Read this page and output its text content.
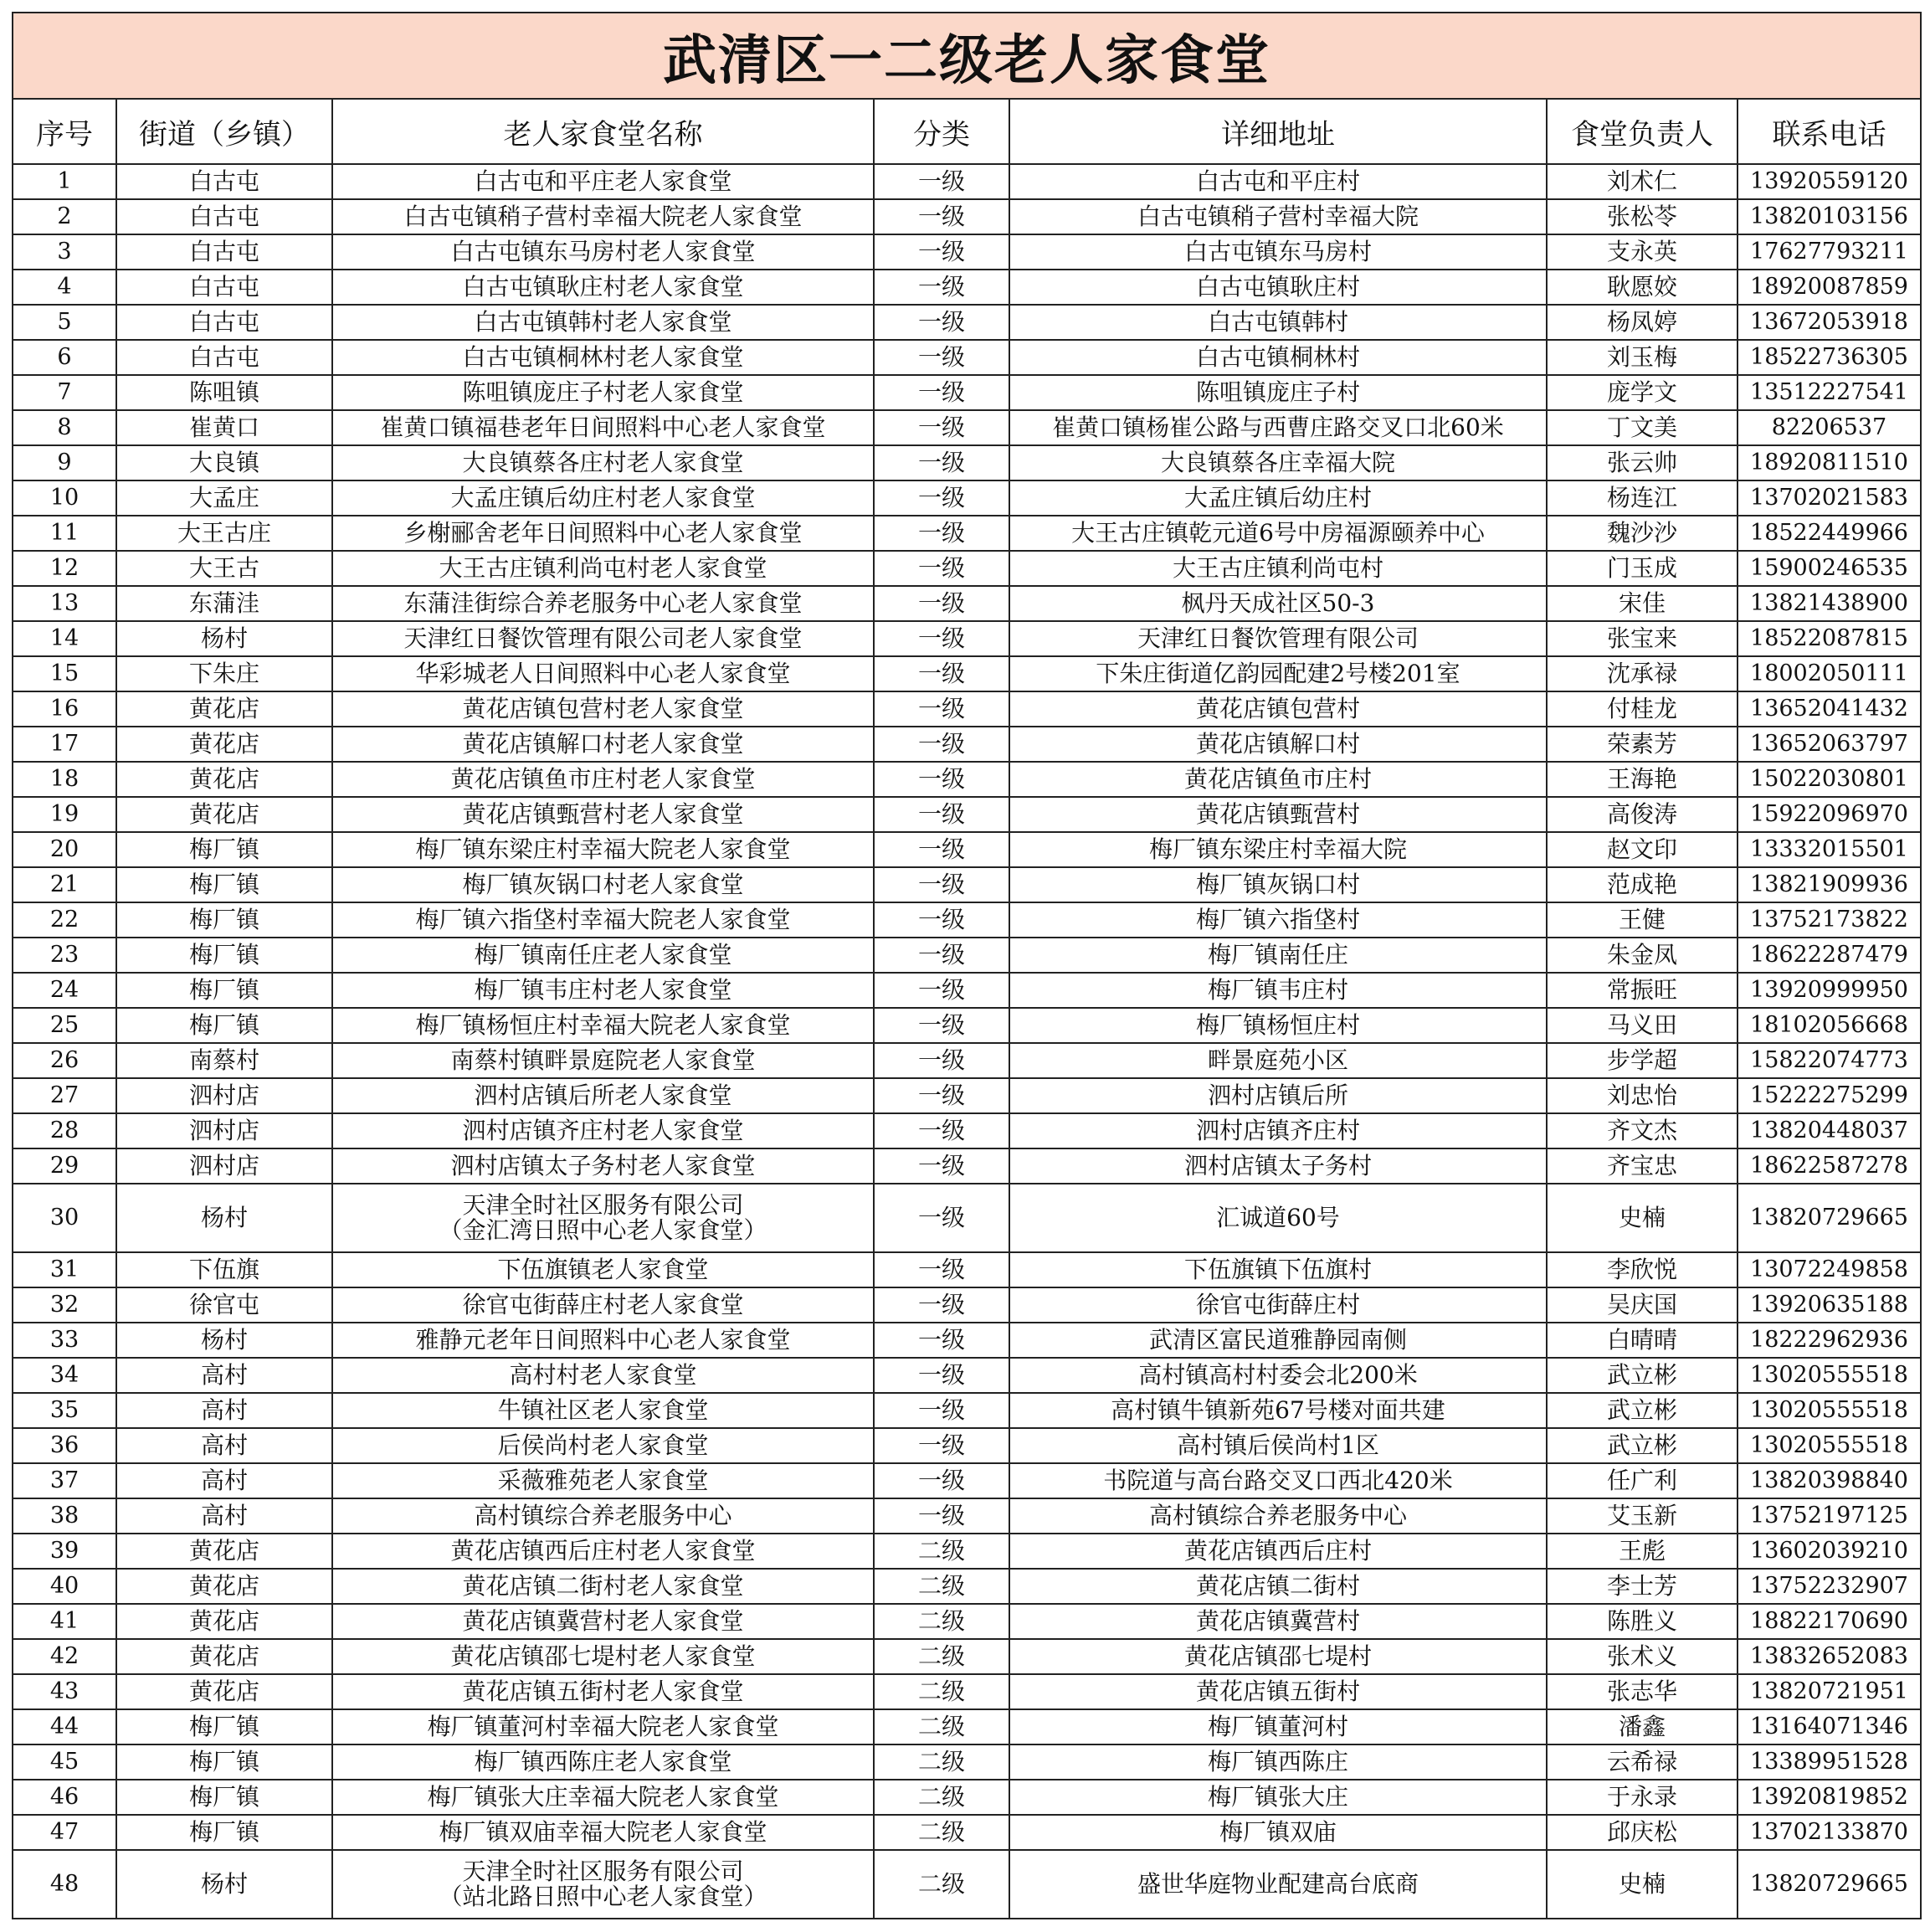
武清区一二级老人家食堂						
序号	街道（乡镇）	老人家食堂名称	分类	详细地址	食堂负责人	联系电话
1	白古屯	白古屯和平庄老人家食堂	一级	白古屯和平庄村	刘术仁	13920559120
2	白古屯	白古屯镇稍子营村幸福大院老人家食堂	一级	白古屯镇稍子营村幸福大院	张松苓	13820103156
3	白古屯	白古屯镇东马房村老人家食堂	一级	白古屯镇东马房村	支永英	17627793211
4	白古屯	白古屯镇耿庄村老人家食堂	一级	白古屯镇耿庄村	耿愿姣	18920087859
5	白古屯	白古屯镇韩村老人家食堂	一级	白古屯镇韩村	杨凤婷	13672053918
6	白古屯	白古屯镇桐林村老人家食堂	一级	白古屯镇桐林村	刘玉梅	18522736305
7	陈咀镇	陈咀镇庞庄子村老人家食堂	一级	陈咀镇庞庄子村	庞学文	13512227541
8	崔黄口	崔黄口镇福巷老年日间照料中心老人家食堂	一级	崔黄口镇杨崔公路与西曹庄路交叉口北60米	丁文美	82206537
9	大良镇	大良镇蔡各庄村老人家食堂	一级	大良镇蔡各庄幸福大院	张云帅	18920811510
10	大孟庄	大孟庄镇后幼庄村老人家食堂	一级	大孟庄镇后幼庄村	杨连江	13702021583
11	大王古庄	乡榭郦舍老年日间照料中心老人家食堂	一级	大王古庄镇乾元道6号中房福源颐养中心	魏沙沙	18522449966
12	大王古	大王古庄镇利尚屯村老人家食堂	一级	大王古庄镇利尚屯村	门玉成	15900246535
13	东蒲洼	东蒲洼街综合养老服务中心老人家食堂	一级	枫丹天成社区50-3	宋佳	13821438900
14	杨村	天津红日餐饮管理有限公司老人家食堂	一级	天津红日餐饮管理有限公司	张宝来	18522087815
15	下朱庄	华彩城老人日间照料中心老人家食堂	一级	下朱庄街道亿韵园配建2号楼201室	沈承禄	18002050111
16	黄花店	黄花店镇包营村老人家食堂	一级	黄花店镇包营村	付桂龙	13652041432
17	黄花店	黄花店镇解口村老人家食堂	一级	黄花店镇解口村	荣素芳	13652063797
18	黄花店	黄花店镇鱼市庄村老人家食堂	一级	黄花店镇鱼市庄村	王海艳	15022030801
19	黄花店	黄花店镇甄营村老人家食堂	一级	黄花店镇甄营村	高俊涛	15922096970
20	梅厂镇	梅厂镇东梁庄村幸福大院老人家食堂	一级	梅厂镇东梁庄村幸福大院	赵文印	13332015501
21	梅厂镇	梅厂镇灰锅口村老人家食堂	一级	梅厂镇灰锅口村	范成艳	13821909936
22	梅厂镇	梅厂镇六指垡村幸福大院老人家食堂	一级	梅厂镇六指垡村	王健	13752173822
23	梅厂镇	梅厂镇南任庄老人家食堂	一级	梅厂镇南任庄	朱金凤	18622287479
24	梅厂镇	梅厂镇韦庄村老人家食堂	一级	梅厂镇韦庄村	常振旺	13920999950
25	梅厂镇	梅厂镇杨恒庄村幸福大院老人家食堂	一级	梅厂镇杨恒庄村	马义田	18102056668
26	南蔡村	南蔡村镇畔景庭院老人家食堂	一级	畔景庭苑小区	步学超	15822074773
27	泗村店	泗村店镇后所老人家食堂	一级	泗村店镇后所	刘忠怡	15222275299
28	泗村店	泗村店镇齐庄村老人家食堂	一级	泗村店镇齐庄村	齐文杰	13820448037
29	泗村店	泗村店镇太子务村老人家食堂	一级	泗村店镇太子务村	齐宝忠	18622587278
30	杨村	天津全时社区服务有限公司
（金汇湾日照中心老人家食堂）	一级	汇诚道60号	史楠	13820729665
31	下伍旗	下伍旗镇老人家食堂	一级	下伍旗镇下伍旗村	李欣悦	13072249858
32	徐官屯	徐官屯街薛庄村老人家食堂	一级	徐官屯街薛庄村	吴庆国	13920635188
33	杨村	雅静元老年日间照料中心老人家食堂	一级	武清区富民道雅静园南侧	白晴晴	18222962936
34	高村	高村村老人家食堂	一级	高村镇高村村委会北200米	武立彬	13020555518
35	高村	牛镇社区老人家食堂	一级	高村镇牛镇新苑67号楼对面共建	武立彬	13020555518
36	高村	后侯尚村老人家食堂	一级	高村镇后侯尚村1区	武立彬	13020555518
37	高村	采薇雅苑老人家食堂	一级	书院道与高台路交叉口西北420米	任广利	13820398840
38	高村	高村镇综合养老服务中心	一级	高村镇综合养老服务中心	艾玉新	13752197125
39	黄花店	黄花店镇西后庄村老人家食堂	二级	黄花店镇西后庄村	王彪	13602039210
40	黄花店	黄花店镇二街村老人家食堂	二级	黄花店镇二街村	李士芳	13752232907
41	黄花店	黄花店镇冀营村老人家食堂	二级	黄花店镇冀营村	陈胜义	18822170690
42	黄花店	黄花店镇邵七堤村老人家食堂	二级	黄花店镇邵七堤村	张术义	13832652083
43	黄花店	黄花店镇五街村老人家食堂	二级	黄花店镇五街村	张志华	13820721951
44	梅厂镇	梅厂镇董河村幸福大院老人家食堂	二级	梅厂镇董河村	潘鑫	13164071346
45	梅厂镇	梅厂镇西陈庄老人家食堂	二级	梅厂镇西陈庄	云希禄	13389951528
46	梅厂镇	梅厂镇张大庄幸福大院老人家食堂	二级	梅厂镇张大庄	于永录	13920819852
47	梅厂镇	梅厂镇双庙幸福大院老人家食堂	二级	梅厂镇双庙	邱庆松	13702133870
48	杨村	天津全时社区服务有限公司
（站北路日照中心老人家食堂）	二级	盛世华庭物业配建高台底商	史楠	13820729665
